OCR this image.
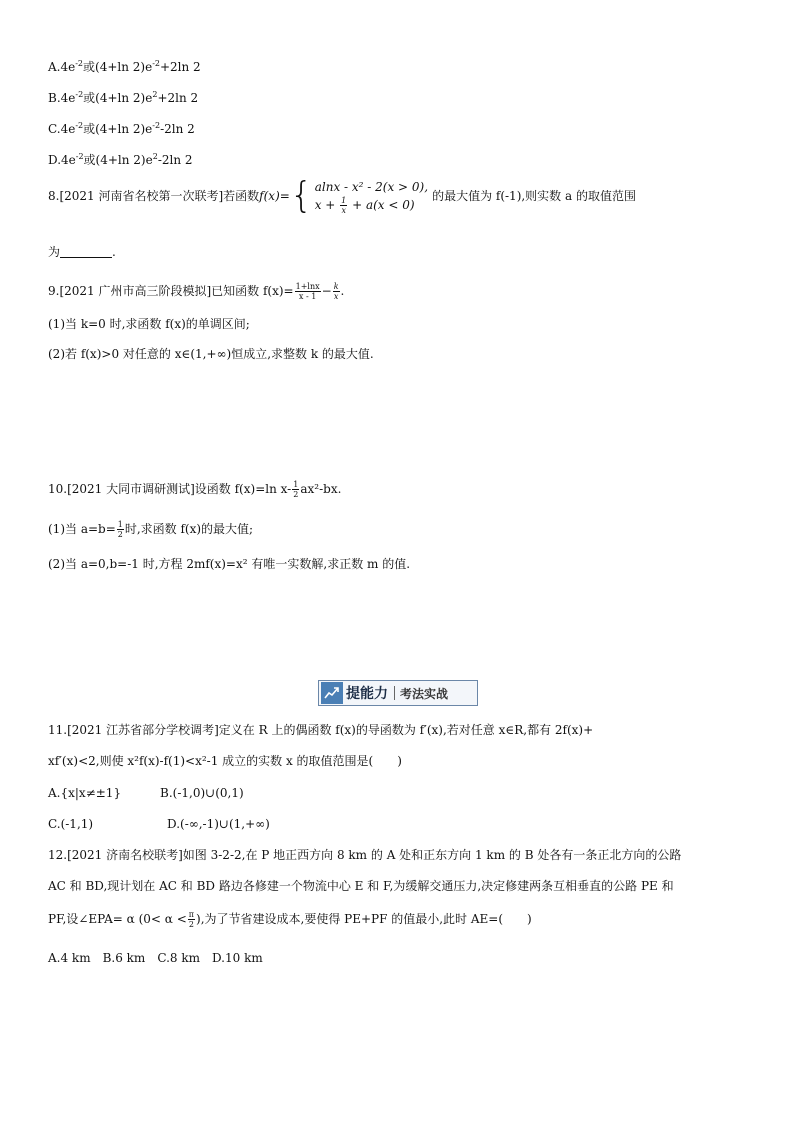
$A.4e^{-2}$或(4+ln $2)e^{-2}+2\ln$ 2
$B.4e^{-2}$或(4+ln $2)e^2+2\ln$ 2
$C.4e^{-2}$或(4+ln $2)e^{-2}-2\ln$ 2
$D.4e^{-2}$或(4+ln $2)e^2-2\ln$ 2
8.[2021 河南省名校第一次联考]若函数 f(x)= { alnx - x² - 2(x > 0),
$x + \frac{1}{x} + a(x < 0)$
的最大值为 f(-1),则实数 a 的取值范围
为	.
9.[2021 广州市高三阶段模拟]已知函数 $f(x)= \frac{1+\ln x}{x - 1} - \frac{k}{x}$ .
(1)当 k=0 时,求函数 f(x)的单调区间;
(2)若 f(x)>0 对任意的 x∈(1,+∞)恒成立,求整数 k 的最大值.
10.[2021 大同市调研测试]设函数 f(x)=ln $x- \frac{1}{2} ax^2-bx$.
(1)当 $a=b= \frac{1}{2}$ 时,求函数 f(x)的最大值;
(2)当 a=0,b=-1 时,方程 2mf(x)=x² 有唯一实数解,求正数 m 的值.
提能力 考法实战
11.[2021 江苏省部分学校调考]定义在 R 上的偶函数 f(x)的导函数为 f′(x),若对任意 x∈R,都有 2f(x)+
xf′(x)<2,则使 x²f(x)-f(1)<x²-1 成立的实数 x 的取值范围是(　　)
A.{x|x≠±1}	B.(-1,0)∪(0,1)
C.(-1,1)	D.(-∞,-1)∪(1,+∞)
12.[2021 济南名校联考]如图 3-2-2,在 P 地正西方向 8 km 的 A 处和正东方向 1 km 的 B 处各有一条正北方向的公路
AC 和 BD,现计划在 AC 和 BD 路边各修建一个物流中心 E 和 F,为缓解交通压力,决定修建两条互相垂直的公路 PE 和
PF,设∠EPA= α ($0< \alpha < \frac{\pi}{2}$ ),为了节省建设成本,要使得 PE+PF 的值最小,此时 AE=(　　)
A.4 km　B.6 km　C.8 km　D.10 km
